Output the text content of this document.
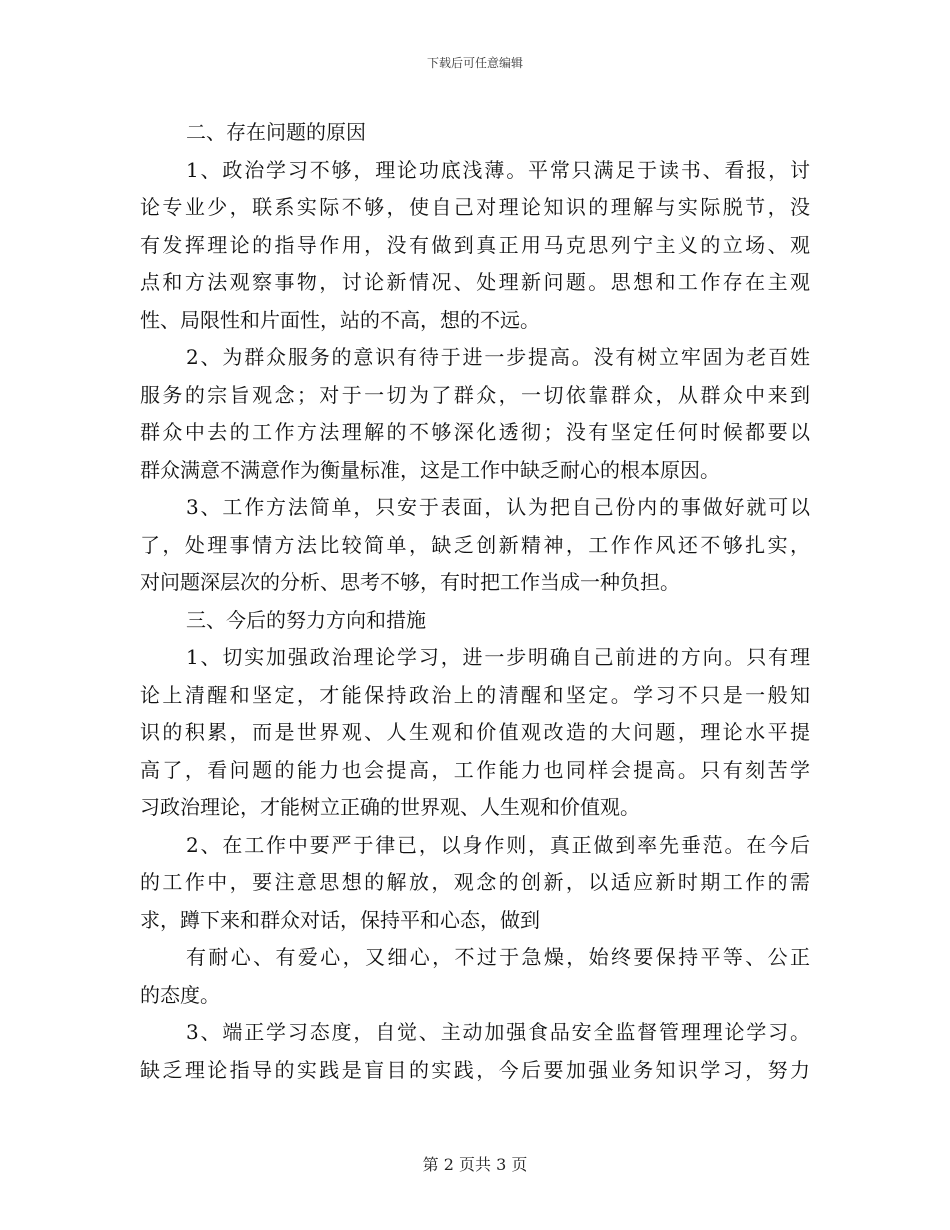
下载后可任意编辑
二、存在问题的原因
1、政治学习不够，理论功底浅薄。平常只满足于读书、看报，讨
论专业少，联系实际不够，使自己对理论知识的理解与实际脱节，没
有发挥理论的指导作用，没有做到真正用马克思列宁主义的立场、观
点和方法观察事物，讨论新情况、处理新问题。思想和工作存在主观
性、局限性和片面性，站的不高，想的不远。
2、为群众服务的意识有待于进一步提高。没有树立牢固为老百姓
服务的宗旨观念；对于一切为了群众，一切依靠群众，从群众中来到
群众中去的工作方法理解的不够深化透彻；没有坚定任何时候都要以
群众满意不满意作为衡量标准，这是工作中缺乏耐心的根本原因。
3、工作方法简单，只安于表面，认为把自己份内的事做好就可以
了，处理事情方法比较简单，缺乏创新精神，工作作风还不够扎实，
对问题深层次的分析、思考不够，有时把工作当成一种负担。
三、今后的努力方向和措施
1、切实加强政治理论学习，进一步明确自己前进的方向。只有理
论上清醒和坚定，才能保持政治上的清醒和坚定。学习不只是一般知
识的积累，而是世界观、人生观和价值观改造的大问题，理论水平提
高了，看问题的能力也会提高，工作能力也同样会提高。只有刻苦学
习政治理论，才能树立正确的世界观、人生观和价值观。
2、在工作中要严于律已，以身作则，真正做到率先垂范。在今后
的工作中，要注意思想的解放，观念的创新，以适应新时期工作的需
求，蹲下来和群众对话，保持平和心态，做到
有耐心、有爱心，又细心，不过于急燥，始终要保持平等、公正
的态度。
3、端正学习态度，自觉、主动加强食品安全监督管理理论学习。
缺乏理论指导的实践是盲目的实践，今后要加强业务知识学习，努力
第 2 页共 3 页
